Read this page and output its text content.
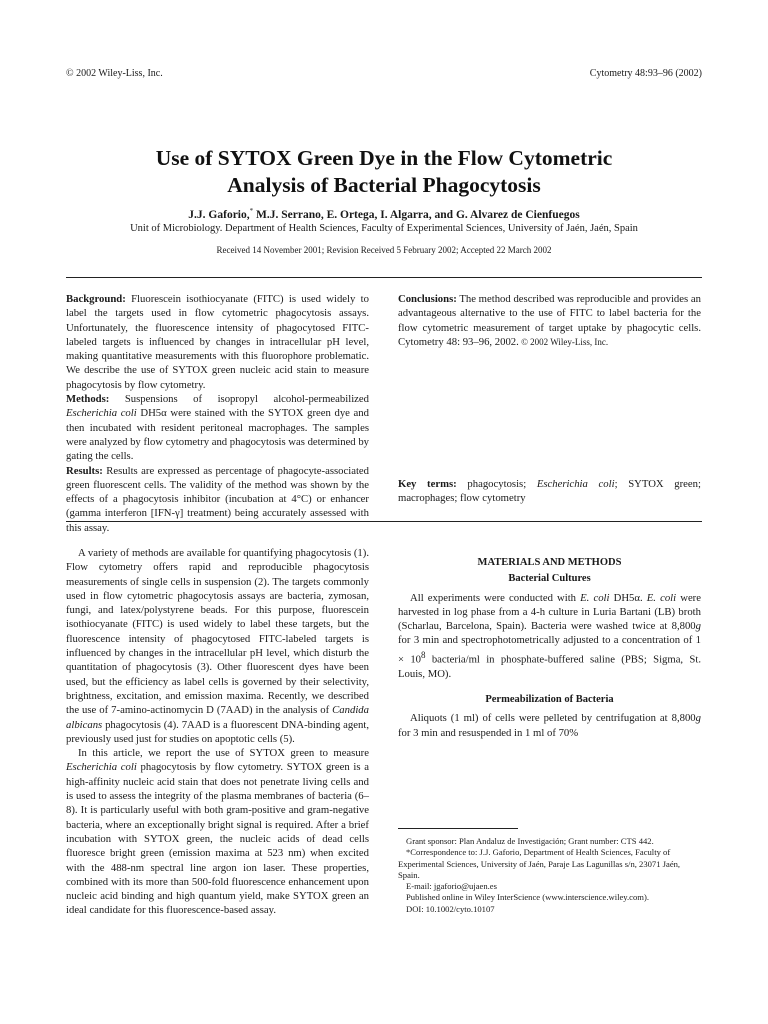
© 2002 Wiley-Liss, Inc.	Cytometry 48:93–96 (2002)
Use of SYTOX Green Dye in the Flow Cytometric
Analysis of Bacterial Phagocytosis
J.J. Gaforio,* M.J. Serrano, E. Ortega, I. Algarra, and G. Alvarez de Cienfuegos
Unit of Microbiology. Department of Health Sciences, Faculty of Experimental Sciences, University of Jaén, Jaén, Spain
Received 14 November 2001; Revision Received 5 February 2002; Accepted 22 March 2002
Background: Fluorescein isothiocyanate (FITC) is used widely to label the targets used in flow cytometric phagocytosis assays. Unfortunately, the fluorescence intensity of phagocytosed FITC-labeled targets is influenced by changes in intracellular pH level, making quantitative measurements with this fluorophore problematic. We describe the use of SYTOX green nucleic acid stain to measure phagocytosis by flow cytometry.
Methods: Suspensions of isopropyl alcohol-permeabilized Escherichia coli DH5α were stained with the SYTOX green dye and then incubated with resident peritoneal macrophages. The samples were analyzed by flow cytometry and phagocytosis was determined by gating the cells.
Results: Results are expressed as percentage of phagocyte-associated green fluorescent cells. The validity of the method was shown by the effects of a phagocytosis inhibitor (incubation at 4°C) or enhancer (gamma interferon [IFN-γ] treatment) being accurately assessed with this assay.

Conclusions: The method described was reproducible and provides an advantageous alternative to the use of FITC to label bacteria for the flow cytometric measurement of target uptake by phagocytic cells. Cytometry 48: 93–96, 2002. © 2002 Wiley-Liss, Inc.
Key terms: phagocytosis; Escherichia coli; SYTOX green; macrophages; flow cytometry

A variety of methods are available for quantifying phagocytosis (1). Flow cytometry offers rapid and reproducible phagocytosis measurements of single cells in suspension (2). The targets commonly used in flow cytometric phagocytosis assays are bacteria, zymosan, fungi, and latex/polystyrene beads. For this purpose, fluorescein isothiocyanate (FITC) is used widely to label these targets, but the fluorescence intensity of phagocytosed FITC-labeled targets is influenced by changes in the intracellular pH level, which disturb the quantitation of phagocytosis (3). Other fluorescent dyes have been used, but the efficiency as label cells is governed by their selectivity, brightness, excitation, and emission maxima. Recently, we described the use of 7-amino-actinomycin D (7AAD) in the analysis of Candida albicans phagocytosis (4). 7AAD is a fluorescent DNA-binding agent, previously used just for studies on apoptotic cells (5).

In this article, we report the use of SYTOX green to measure Escherichia coli phagocytosis by flow cytometry. SYTOX green is a high-affinity nucleic acid stain that does not penetrate living cells and is used to assess the integrity of the plasma membranes of bacteria (6–8). It is particularly useful with both gram-positive and gram-negative bacteria, where an exceptionally bright signal is required. After a brief incubation with SYTOX green, the nucleic acids of dead cells fluoresce bright green (emission maxima at 523 nm) when excited with the 488-nm spectral line argon ion laser. These properties, combined with its more than 500-fold fluorescence enhancement upon nucleic acid binding and high quantum yield, make SYTOX green an ideal candidate for this fluorescence-based assay.

MATERIALS AND METHODS
Bacterial Cultures

All experiments were conducted with E. coli DH5α. E. coli were harvested in log phase from a 4-h culture in Luria Bartani (LB) broth (Scharlau, Barcelona, Spain). Bacteria were washed twice at 8,800g for 3 min and spectrophotometrically adjusted to a concentration of $1 \times 10^8$ bacteria/ml in phosphate-buffered saline (PBS; Sigma, St. Louis, MO).

Permeabilization of Bacteria

Aliquots (1 ml) of cells were pelleted by centrifugation at 8,800g for 3 min and resuspended in 1 ml of 70%

Grant sponsor: Plan Andaluz de Investigación; Grant number: CTS 442.
*Correspondence to: J.J. Gaforio, Department of Health Sciences, Faculty of Experimental Sciences, University of Jaén, Paraje Las Lagunillas s/n, 23071 Jaén, Spain.
E-mail: jgaforio@ujaen.es
Published online in Wiley InterScience (www.interscience.wiley.com).
DOI: 10.1002/cyto.10107
